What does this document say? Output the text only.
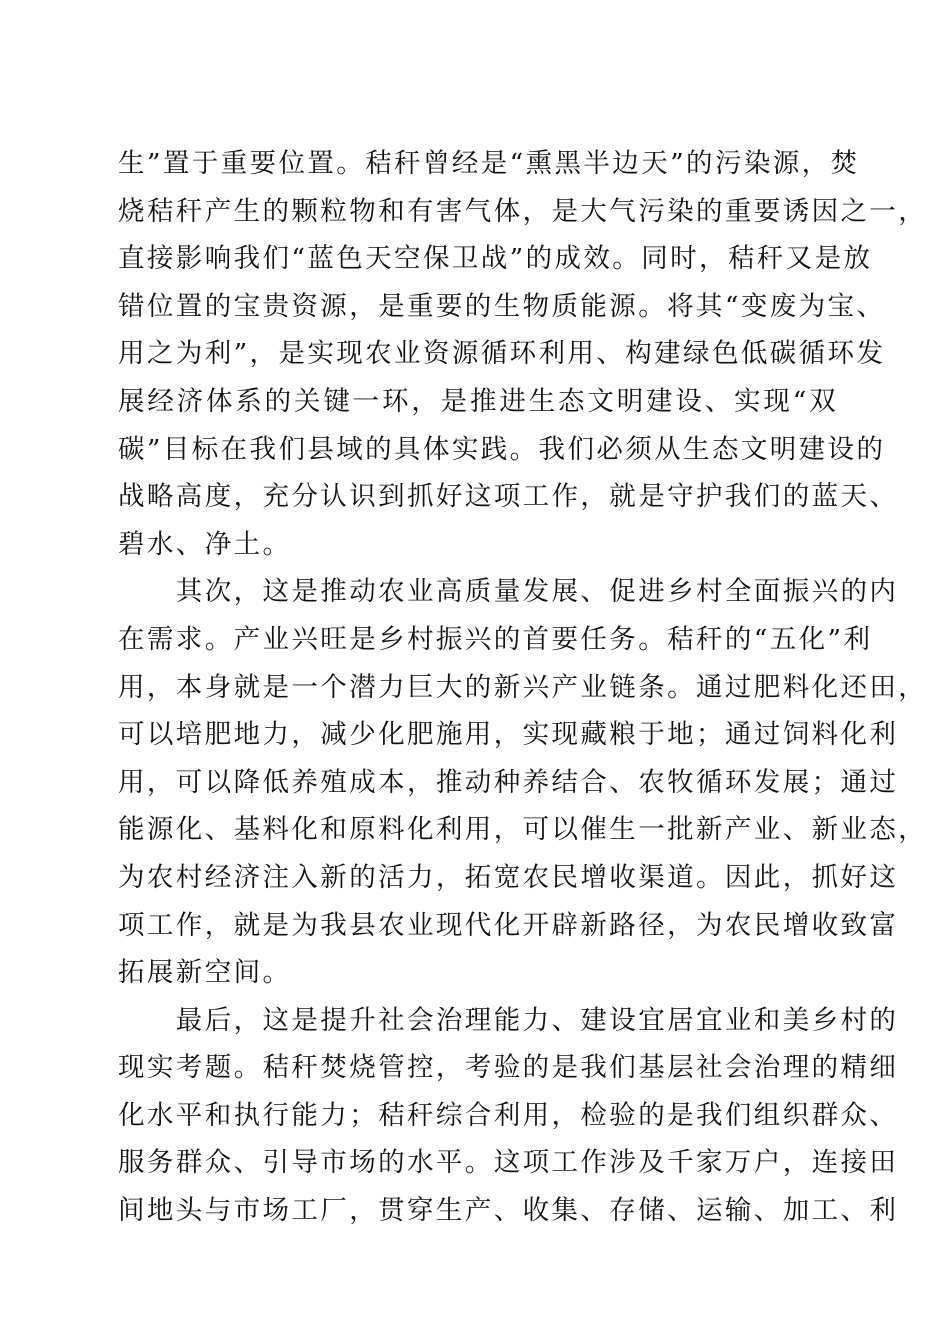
生”置于重要位置。秸秆曾经是“熏黑半边天”的污染源，焚
烧秸秆产生的颗粒物和有害气体，是大气污染的重要诱因之一，
直接影响我们“蓝色天空保卫战”的成效。同时，秸秆又是放
错位置的宝贵资源，是重要的生物质能源。将其“变废为宝、
用之为利”，是实现农业资源循环利用、构建绿色低碳循环发
展经济体系的关键一环，是推进生态文明建设、实现“双
碳”目标在我们县域的具体实践。我们必须从生态文明建设的
战略高度，充分认识到抓好这项工作，就是守护我们的蓝天、
碧水、净土。
　　其次，这是推动农业高质量发展、促进乡村全面振兴的内
在需求。产业兴旺是乡村振兴的首要任务。秸秆的“五化”利
用，本身就是一个潜力巨大的新兴产业链条。通过肥料化还田，
可以培肥地力，减少化肥施用，实现藏粮于地；通过饲料化利
用，可以降低养殖成本，推动种养结合、农牧循环发展；通过
能源化、基料化和原料化利用，可以催生一批新产业、新业态，
为农村经济注入新的活力，拓宽农民增收渠道。因此，抓好这
项工作，就是为我县农业现代化开辟新路径，为农民增收致富
拓展新空间。
　　最后，这是提升社会治理能力、建设宜居宜业和美乡村的
现实考题。秸秆焚烧管控，考验的是我们基层社会治理的精细
化水平和执行能力；秸秆综合利用，检验的是我们组织群众、
服务群众、引导市场的水平。这项工作涉及千家万户，连接田
间地头与市场工厂，贯穿生产、收集、存储、运输、加工、利
